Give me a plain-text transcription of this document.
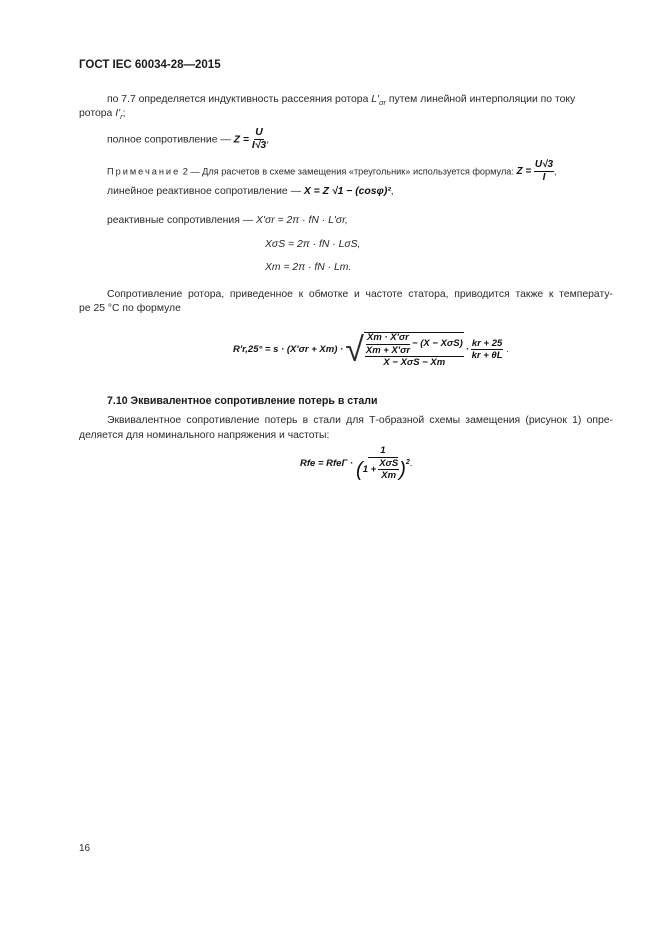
ГОСТ IEC 60034-28—2015
по 7.7 определяется индуктивность рассеяния ротора $L'_{\sigma r}$ путем линейной интерполяции по току
ротора $I'_r$;
полное сопротивление — $Z = \frac{U}{I√3}$ ,
Примечание 2 — Для расчетов в схеме замещения «треугольник» используется формула: $Z = \frac{U√3}{I}$ ,
линейное реактивное сопротивление — X = Z √1 − (cosφ)²,
реактивные сопротивления — X'σr = 2π · fN · L'σr,
XσS = 2π · fN · LσS,
Xm = 2π · fN · Lm.
Сопротивление ротора, приведенное к обмотке и частоте статора, приводится также к температу-
ре 25 °С по формуле
R'r,25° = s · (X'σr + Xm) · √ $\frac{\frac{Xm \cdot X'\sigma r}{Xm + X'\sigma r} - (X - X\sigma S)}{\text{X − XσS − Xm}} \cdot \frac{kr + 25}{kr + \theta L}$ .
7.10 Эквивалентное сопротивление потерь в стали
Эквивалентное сопротивление потерь в стали для Т-образной схемы замещения (рисунок 1) опре-
деляется для номинального напряжения и частоты:
Rfe = $Rfe\Gamma \cdot \frac{1}{( 1 + \frac{\text{XσS}}{Xm} )^2}$ .
16
